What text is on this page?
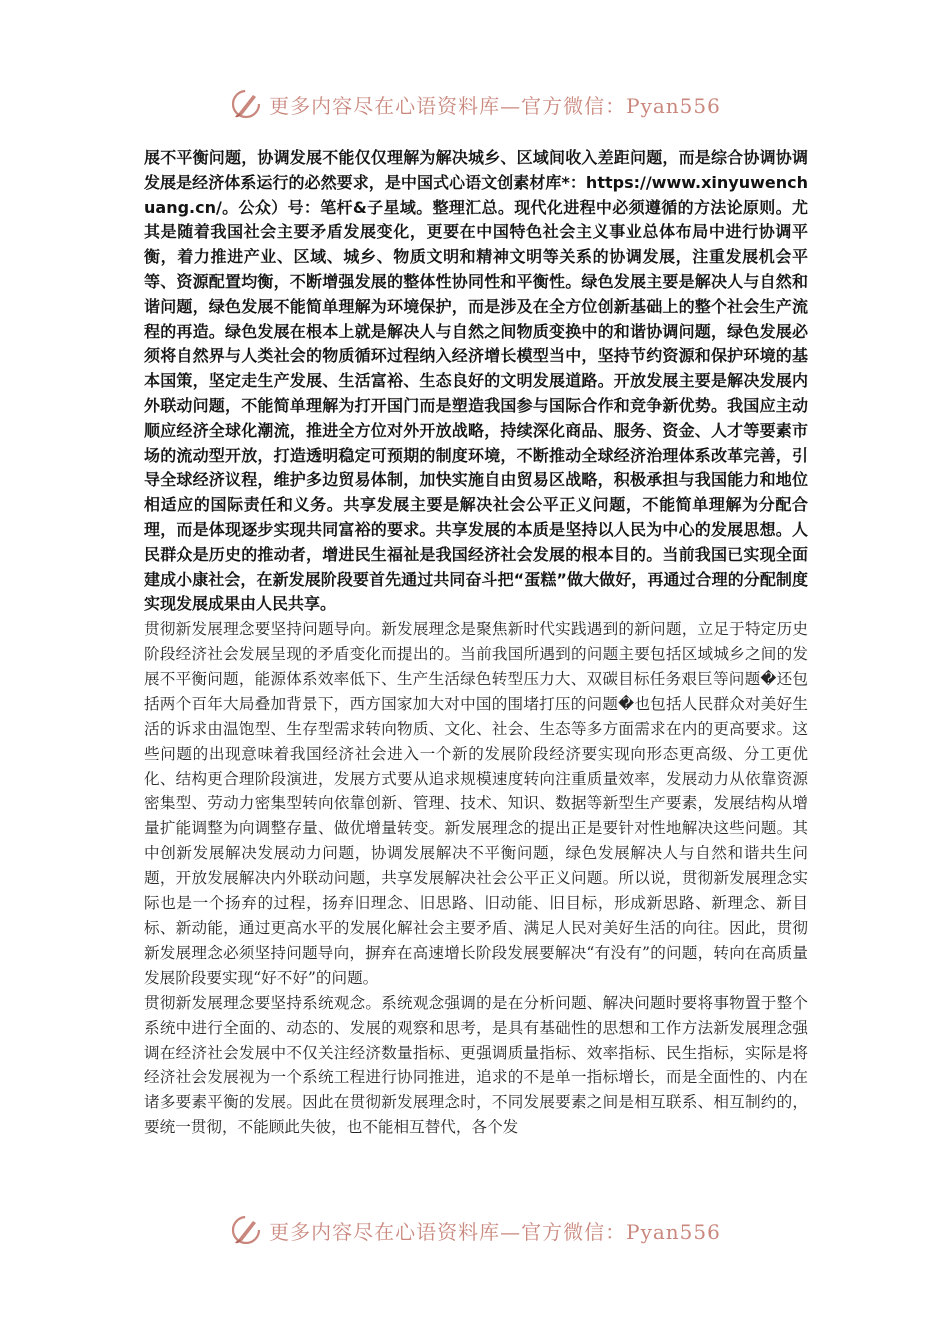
更多内容尽在心语资料库—官方微信：Pyan556

展不平衡问题，协调发展不能仅仅理解为解决城乡、区域间收入差距问题，而是综合协调协调发展是经济体系运行的必然要求，是中国式心语文创素材库*：https://www.xinyuwenchuang.cn/。公众）号：笔杆&子星域。整理汇总。现代化进程中必须遵循的方法论原则。尤其是随着我国社会主要矛盾发展变化，更要在中国特色社会主义事业总体布局中进行协调平衡，着力推进产业、区域、城乡、物质文明和精神文明等关系的协调发展，注重发展机会平等、资源配置均衡，不断增强发展的整体性协同性和平衡性。绿色发展主要是解决人与自然和谐问题，绿色发展不能简单理解为环境保护，而是涉及在全方位创新基础上的整个社会生产流程的再造。绿色发展在根本上就是解决人与自然之间物质变换中的和谐协调问题，绿色发展必须将自然界与人类社会的物质循环过程纳入经济增长模型当中，坚持节约资源和保护环境的基本国策，坚定走生产发展、生活富裕、生态良好的文明发展道路。开放发展主要是解决发展内外联动问题，不能简单理解为打开国门而是塑造我国参与国际合作和竞争新优势。我国应主动顺应经济全球化潮流，推进全方位对外开放战略，持续深化商品、服务、资金、人才等要素市场的流动型开放，打造透明稳定可预期的制度环境，不断推动全球经济治理体系改革完善，引导全球经济议程，维护多边贸易体制，加快实施自由贸易区战略，积极承担与我国能力和地位相适应的国际责任和义务。共享发展主要是解决社会公平正义问题，不能简单理解为分配合理，而是体现逐步实现共同富裕的要求。共享发展的本质是坚持以人民为中心的发展思想。人民群众是历史的推动者，增进民生福祉是我国经济社会发展的根本目的。当前我国已实现全面建成小康社会，在新发展阶段要首先通过共同奋斗把“蛋糕”做大做好，再通过合理的分配制度实现发展成果由人民共享。

贯彻新发展理念要坚持问题导向。新发展理念是聚焦新时代实践遇到的新问题，立足于特定历史阶段经济社会发展呈现的矛盾变化而提出的。当前我国所遇到的问题主要包括区域城乡之间的发展不平衡问题，能源体系效率低下、生产生活绿色转型压力大、双碳目标任务艰巨等问题�还包括两个百年大局叠加背景下，西方国家加大对中国的围堵打压的问题�也包括人民群众对美好生活的诉求由温饱型、生存型需求转向物质、文化、社会、生态等多方面需求在内的更高要求。这些问题的出现意味着我国经济社会进入一个新的发展阶段经济要实现向形态更高级、分工更优化、结构更合理阶段演进，发展方式要从追求规模速度转向注重质量效率，发展动力从依靠资源密集型、劳动力密集型转向依靠创新、管理、技术、知识、数据等新型生产要素，发展结构从增量扩能调整为向调整存量、做优增量转变。新发展理念的提出正是要针对性地解决这些问题。其中创新发展解决发展动力问题，协调发展解决不平衡问题，绿色发展解决人与自然和谐共生问题，开放发展解决内外联动问题，共享发展解决社会公平正义问题。所以说，贯彻新发展理念实际也是一个扬弃的过程，扬弃旧理念、旧思路、旧动能、旧目标，形成新思路、新理念、新目标、新动能，通过更高水平的发展化解社会主要矛盾、满足人民对美好生活的向往。因此，贯彻新发展理念必须坚持问题导向，摒弃在高速增长阶段发展要解决“有没有”的问题，转向在高质量发展阶段要实现“好不好”的问题。

贯彻新发展理念要坚持系统观念。系统观念强调的是在分析问题、解决问题时要将事物置于整个系统中进行全面的、动态的、发展的观察和思考，是具有基础性的思想和工作方法新发展理念强调在经济社会发展中不仅关注经济数量指标、更强调质量指标、效率指标、民生指标，实际是将经济社会发展视为一个系统工程进行协同推进，追求的不是单一指标增长，而是全面性的、内在诸多要素平衡的发展。因此在贯彻新发展理念时，不同发展要素之间是相互联系、相互制约的，要统一贯彻，不能顾此失彼，也不能相互替代，各个发

更多内容尽在心语资料库—官方微信：Pyan556
